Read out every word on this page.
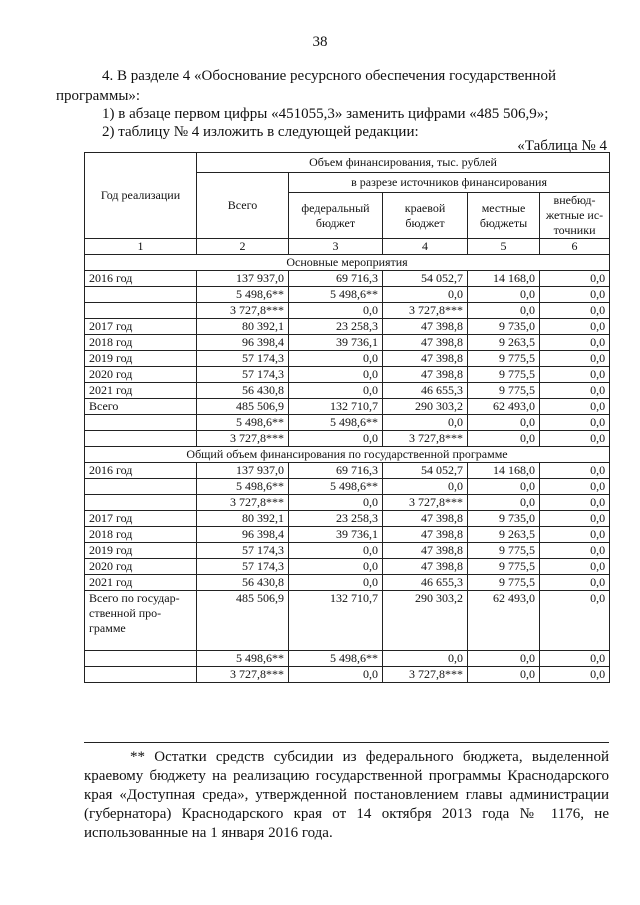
38
4. В разделе 4 «Обоснование ресурсного обеспечения государственной программы»:
1) в абзаце первом цифры «451055,3» заменить цифрами «485 506,9»;
2) таблицу № 4 изложить в следующей редакции:
«Таблица № 4
Год реализации	Объем финансирования, тыс. рублей				
	Всего	в разрезе источников финансирования			
		федеральный бюджет	краевой бюджет	местные бюджеты	внебюд-жетные ис-точники
1	2	3	4	5	6
Основные мероприятия					
2016 год	137 937,0	69 716,3	54 052,7	14 168,0	0,0
	5 498,6**	5 498,6**	0,0	0,0	0,0
	3 727,8***	0,0	3 727,8***	0,0	0,0
2017 год	80 392,1	23 258,3	47 398,8	9 735,0	0,0
2018 год	96 398,4	39 736,1	47 398,8	9 263,5	0,0
2019 год	57 174,3	0,0	47 398,8	9 775,5	0,0
2020 год	57 174,3	0,0	47 398,8	9 775,5	0,0
2021 год	56 430,8	0,0	46 655,3	9 775,5	0,0
Всего	485 506,9	132 710,7	290 303,2	62 493,0	0,0
	5 498,6**	5 498,6**	0,0	0,0	0,0
	3 727,8***	0,0	3 727,8***	0,0	0,0
Общий объем финансирования по государственной программе					
2016 год	137 937,0	69 716,3	54 052,7	14 168,0	0,0
	5 498,6**	5 498,6**	0,0	0,0	0,0
	3 727,8***	0,0	3 727,8***	0,0	0,0
2017 год	80 392,1	23 258,3	47 398,8	9 735,0	0,0
2018 год	96 398,4	39 736,1	47 398,8	9 263,5	0,0
2019 год	57 174,3	0,0	47 398,8	9 775,5	0,0
2020 год	57 174,3	0,0	47 398,8	9 775,5	0,0
2021 год	56 430,8	0,0	46 655,3	9 775,5	0,0
Всего по государ-ственной про-грамме	485 506,9	132 710,7	290 303,2	62 493,0	0,0
	5 498,6**	5 498,6**	0,0	0,0	0,0
	3 727,8***	0,0	3 727,8***	0,0	0,0
** Остатки средств субсидии из федерального бюджета, выделенной краевому бюджету на реализацию государственной программы Краснодарского края «Доступная среда», утвержденной постановлением главы администрации (губернатора) Краснодарского края от 14 октября 2013 года № 1176, не использованные на 1 января 2016 года.
